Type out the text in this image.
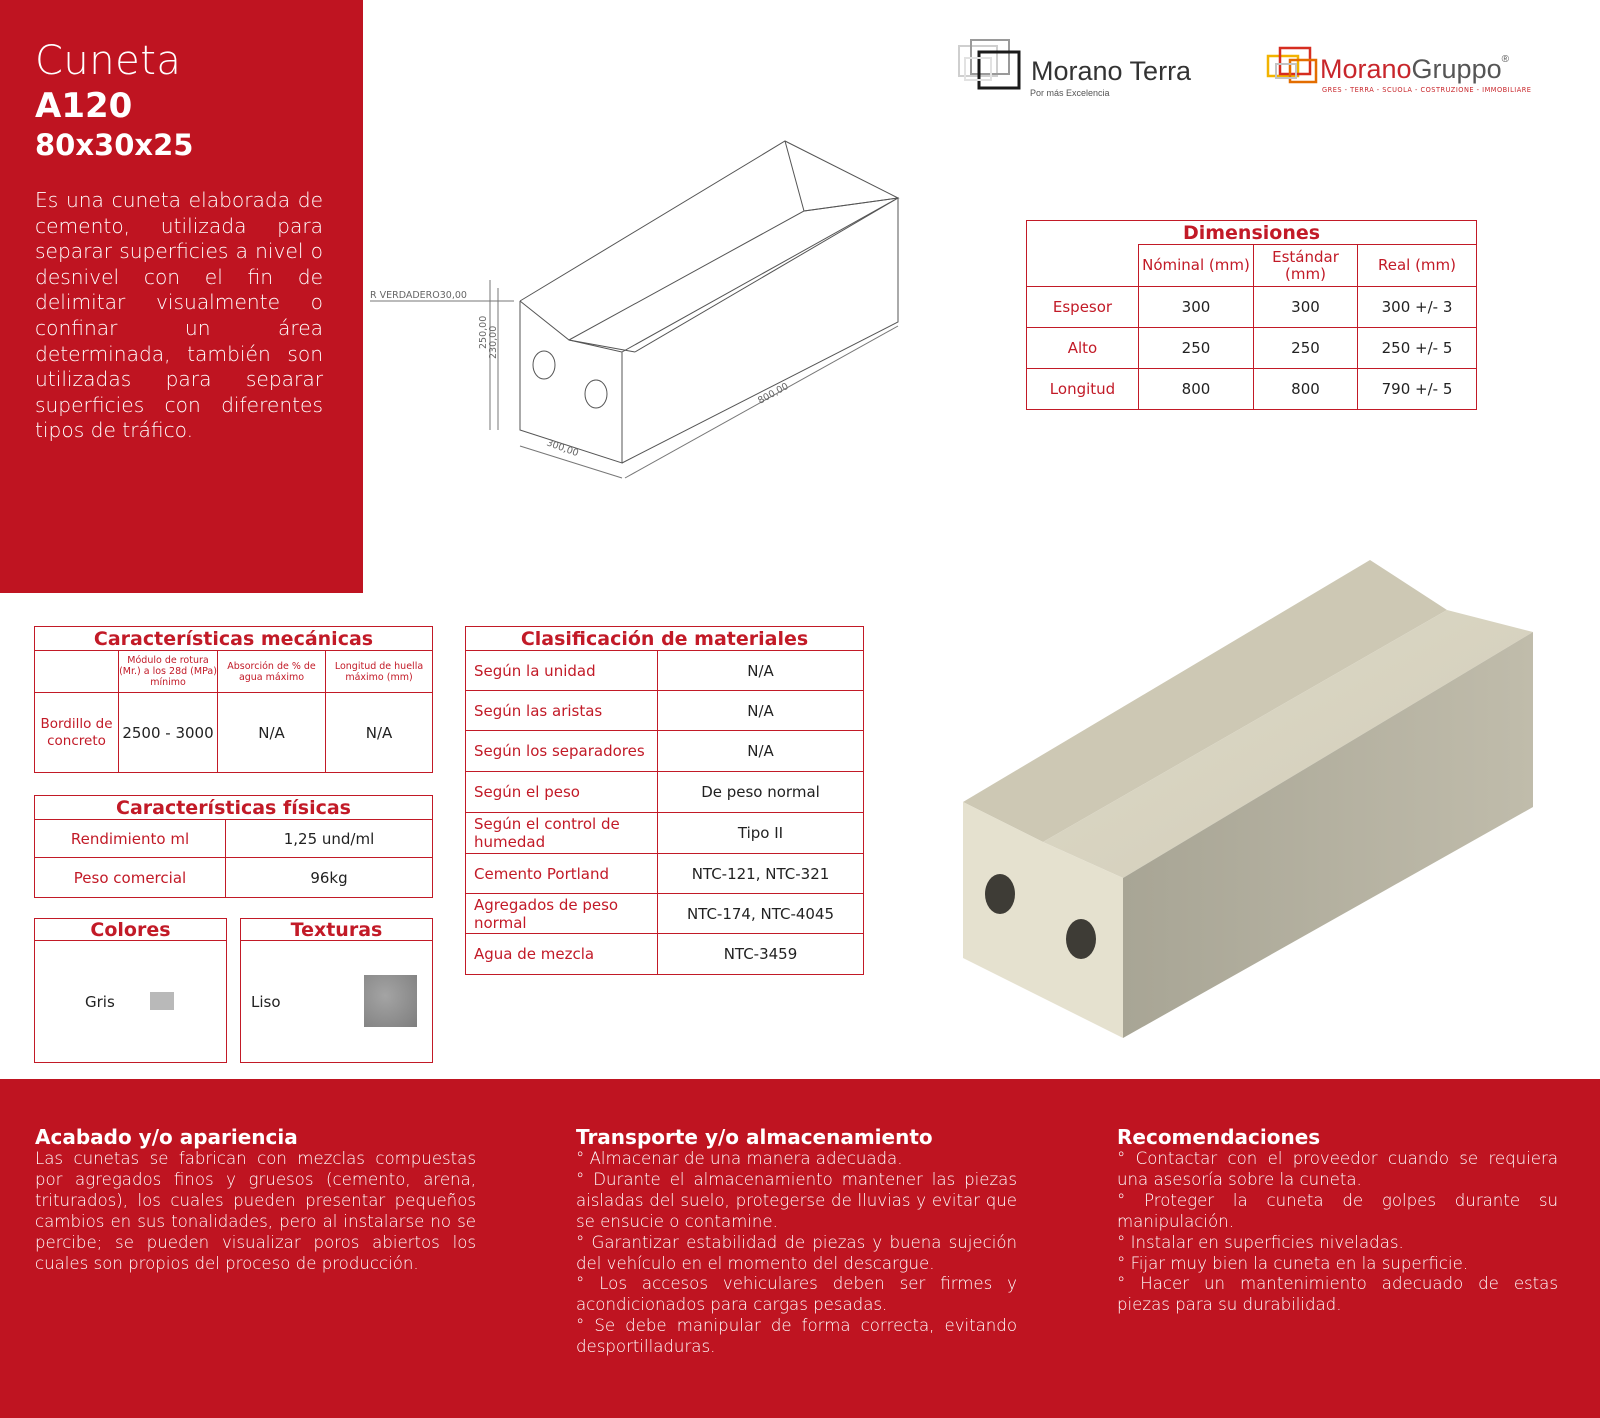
Cuneta
A120
80x30x25
Es una cuneta elaborada de cemento, utilizada para separar superficies a nivel o desnivel con el fin de delimitar visualmente o confinar un área determinada, también son utilizadas para separar superficies con diferentes tipos de tráfico.
Morano Terra
Por más Excelencia
MoranoGruppo®
GRES - TERRA - SCUOLA - COSTRUZIONE - IMMOBILIARE
R VERDADERO30,00
250,00 230,00
800,00
300,00
Dimensiones			
	Nóminal (mm)	Estándar (mm)	Real (mm)
Espesor	300	300	300 +/- 3
Alto	250	250	250 +/- 5
Longitud	800	800	790 +/- 5
Características mecánicas			
	Módulo de rotura (Mr.) a los 28d (MPa) mínimo	Absorción de % de agua máximo	Longitud de huella máximo (mm)
Bordillo de concreto	2500 - 3000	N/A	N/A
Características físicas	
Rendimiento ml	1,25 und/ml
Peso comercial	96kg
Colores
Gris
Texturas
Liso
Clasificación de materiales	
Según la unidad	N/A
Según las aristas	N/A
Según los separadores	N/A
Según el peso	De peso normal
Según el control de humedad	Tipo II
Cemento Portland	NTC-121, NTC-321
Agregados de peso normal	NTC-174, NTC-4045
Agua de mezcla	NTC-3459
Acabado y/o apariencia

Las cunetas se fabrican con mezclas compuestas por agregados finos y gruesos (cemento, arena, triturados), los cuales pueden presentar pequeños cambios en sus tonalidades, pero al instalarse no se percibe; se pueden visualizar poros abiertos los cuales son propios del proceso de producción.

Transporte y/o almacenamiento

° Almacenar de una manera adecuada.

° Durante el almacenamiento mantener las piezas aisladas del suelo, protegerse de lluvias y evitar que se ensucie o contamine.

° Garantizar estabilidad de piezas y buena sujeción del vehículo en el momento del descargue.

° Los accesos vehiculares deben ser firmes y acondicionados para cargas pesadas.

° Se debe manipular de forma correcta, evitando desportilladuras.

Recomendaciones

° Contactar con el proveedor cuando se requiera una asesoría sobre la cuneta.

° Proteger la cuneta de golpes durante su manipulación.

° Instalar en superficies niveladas.

° Fijar muy bien la cuneta en la superficie.

° Hacer un mantenimiento adecuado de estas piezas para su durabilidad.
